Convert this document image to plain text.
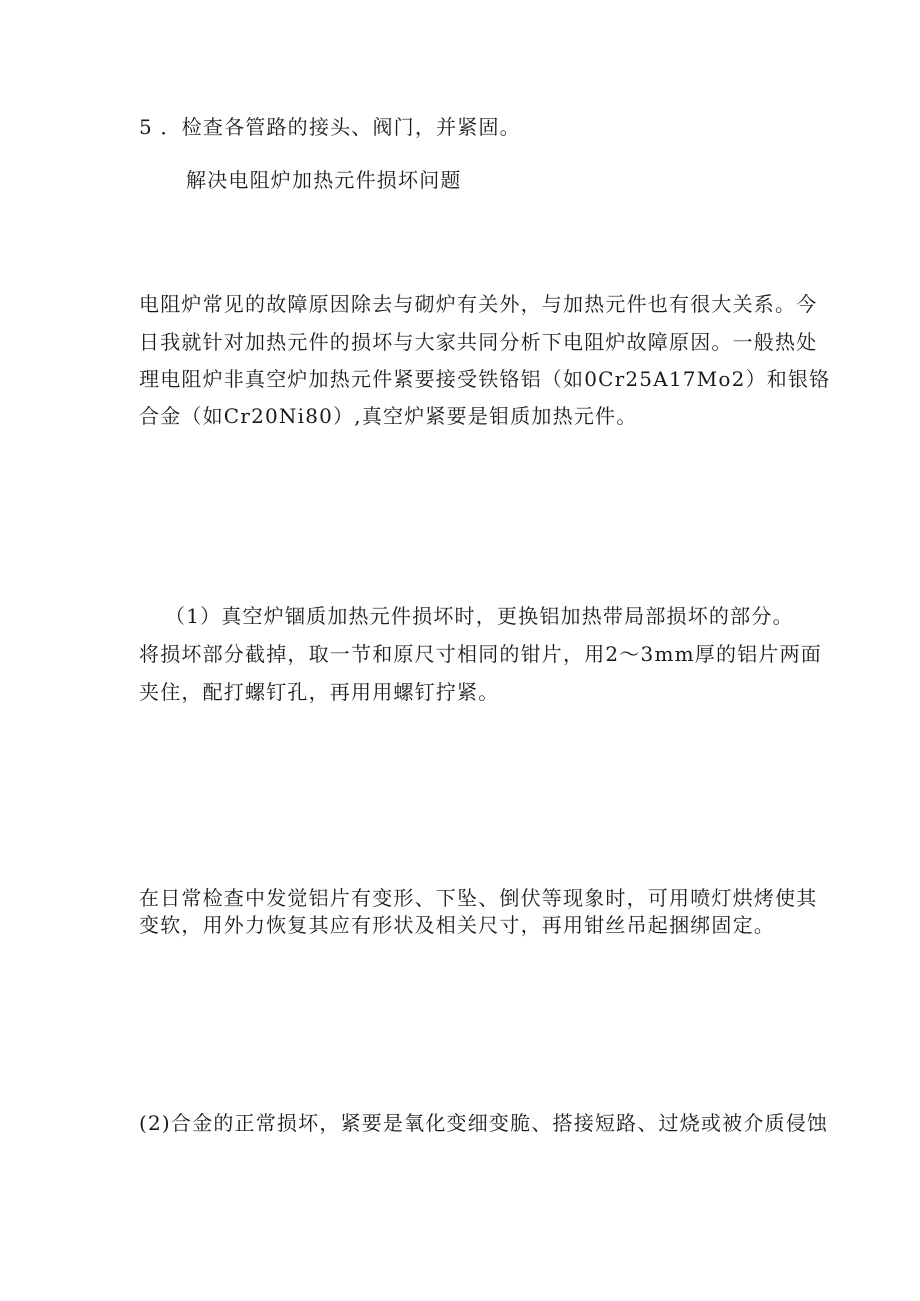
5 ．检查各管路的接头、阀门，并紧固。
解决电阻炉加热元件损坏问题
电阻炉常见的故障原因除去与砌炉有关外，与加热元件也有很大关系。今
日我就针对加热元件的损坏与大家共同分析下电阻炉故障原因。一般热处
理电阻炉非真空炉加热元件紧要接受铁铬铝（如0Cr25A17Mo2）和银铬
合金（如Cr20Ni80）,真空炉紧要是钼质加热元件。
（1）真空炉锢质加热元件损坏时，更换铝加热带局部损坏的部分。
将损坏部分截掉，取一节和原尺寸相同的钳片，用2～3mm厚的铝片两面
夹住，配打螺钉孔，再用用螺钉拧紧。
在日常检查中发觉铝片有变形、下坠、倒伏等现象时，可用喷灯烘烤使其
变软，用外力恢复其应有形状及相关尺寸，再用钳丝吊起捆绑固定。
(2)合金的正常损坏，紧要是氧化变细变脆、搭接短路、过烧或被介质侵蚀
